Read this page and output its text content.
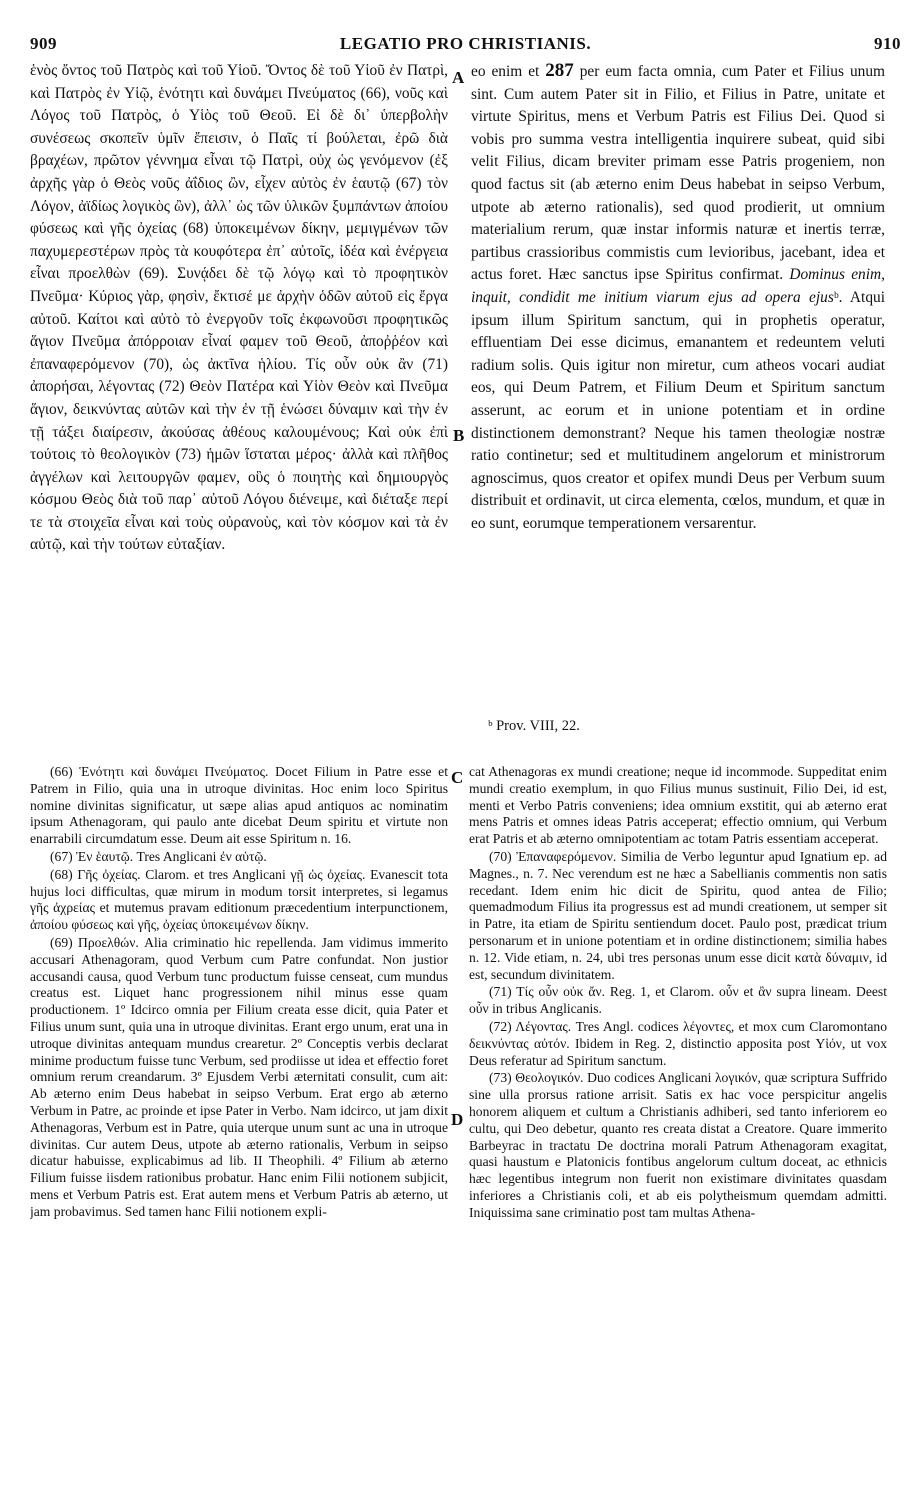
909	LEGATIO PRO CHRISTIANIS.	910

ἑνὸς ὄντος τοῦ Πατρὸς καὶ τοῦ Υἱοῦ. Ὄντος δὲ τοῦ Υἱοῦ ἐν Πατρὶ, καὶ Πατρὸς ἐν Υἱῷ, ἑνότητι καὶ δυνάμει Πνεύματος (66), νοῦς καὶ Λόγος τοῦ Πατρὸς, ὁ Υἱὸς τοῦ Θεοῦ. Εἰ δὲ δι᾽ ὑπερβολὴν συνέσεως σκοπεῖν ὑμῖν ἔπεισιν, ὁ Παῖς τί βούλεται, ἐρῶ διὰ βραχέων, πρῶτον γέννημα εἶναι τῷ Πατρὶ, οὐχ ὡς γενόμενον (ἐξ ἀρχῆς γὰρ ὁ Θεὸς νοῦς ἀΐδιος ὢν, εἶχεν αὐτὸς ἐν ἑαυτῷ (67) τὸν Λόγον, ἀϊδίως λογικὸς ὢν), ἀλλ᾽ ὡς τῶν ὑλικῶν ξυμπάντων ἀποίου φύσεως καὶ γῆς ὀχείας (68) ὑποκειμένων δίκην, μεμιγμένων τῶν παχυμερεστέρων πρὸς τὰ κουφότερα ἐπ᾽ αὐτοῖς, ἰδέα καὶ ἐνέργεια εἶναι προελθὼν (69). Συνᾴδει δὲ τῷ λόγῳ καὶ τὸ προφητικὸν Πνεῦμα· Κύριος γὰρ, φησὶν, ἔκτισέ με ἀρχὴν ὁδῶν αὐτοῦ εἰς ἔργα αὐτοῦ. Καίτοι καὶ αὐτὸ τὸ ἐνεργοῦν τοῖς ἐκφωνοῦσι προφητικῶς ἅγιον Πνεῦμα ἀπόρροιαν εἶναί φαμεν τοῦ Θεοῦ, ἀποῤῥέον καὶ ἐπαναφερόμενον (70), ὡς ἀκτῖνα ἡλίου. Τίς οὖν οὐκ ἂν (71) ἀπορήσαι, λέγοντας (72) Θεὸν Πατέρα καὶ Υἱὸν Θεὸν καὶ Πνεῦμα ἅγιον, δεικνύντας αὐτῶν καὶ τὴν ἐν τῇ ἑνώσει δύναμιν καὶ τὴν ἐν τῇ τάξει διαίρεσιν, ἀκούσας ἀθέους καλουμένους; Καὶ οὐκ ἐπὶ τούτοις τὸ θεολογικὸν (73) ἡμῶν ἵσταται μέρος· ἀλλὰ καὶ πλῆθος ἀγγέλων καὶ λειτουργῶν φαμεν, οὓς ὁ ποιητὴς καὶ δημιουργὸς κόσμου Θεὸς διὰ τοῦ παρ᾽ αὐτοῦ Λόγου διένειμε, καὶ διέταξε περί τε τὰ στοιχεῖα εἶναι καὶ τοὺς οὐρανοὺς, καὶ τὸν κόσμον καὶ τὰ ἐν αὐτῷ, καὶ τὴν τούτων εὐταξίαν.

A
B
C
D

eo enim et 287 per eum facta omnia, cum Pater et Filius unum sint. Cum autem Pater sit in Filio, et Filius in Patre, unitate et virtute Spiritus, mens et Verbum Patris est Filius Dei. Quod si vobis pro summa vestra intelligentia inquirere subeat, quid sibi velit Filius, dicam breviter primam esse Patris progeniem, non quod factus sit (ab æterno enim Deus habebat in seipso Verbum, utpote ab æterno rationalis), sed quod prodierit, ut omnium materialium rerum, quæ instar informis naturæ et inertis terræ, partibus crassioribus commistis cum levioribus, jacebant, idea et actus foret. Hæc sanctus ipse Spiritus confirmat. Dominus enim, inquit, condidit me initium viarum ejus ad opera ejusᵇ. Atqui ipsum illum Spiritum sanctum, qui in prophetis operatur, effluentiam Dei esse dicimus, emanantem et redeuntem veluti radium solis. Quis igitur non miretur, cum atheos vocari audiat eos, qui Deum Patrem, et Filium Deum et Spiritum sanctum asserunt, ac eorum et in unione potentiam et in ordine distinctionem demonstrant? Neque his tamen theologiæ nostræ ratio continetur; sed et multitudinem angelorum et ministrorum agnoscimus, quos creator et opifex mundi Deus per Verbum suum distribuit et ordinavit, ut circa elementa, cœlos, mundum, et quæ in eo sunt, eorumque temperationem versarentur.

ᵇ Prov. VIII, 22.

(66) Ἑνότητι καὶ δυνάμει Πνεύματος. Docet Filium in Patre esse et Patrem in Filio, quia una in utroque divinitas. Hoc enim loco Spiritus nomine divinitas significatur, ut sæpe alias apud antiquos ac nominatim ipsum Athenagoram, qui paulo ante dicebat Deum spiritu et virtute non enarrabili circumdatum esse. Deum ait esse Spiritum n. 16.

(67) Ἐν ἑαυτῷ. Tres Anglicani ἐν αὑτῷ.

(68) Γῆς ὀχείας. Clarom. et tres Anglicani γῇ ὡς ὀχείας. Evanescit tota hujus loci difficultas, quæ mirum in modum torsit interpretes, si legamus γῆς ἀχρείας et mutemus pravam editionum præcedentium interpunctionem, ἀποίου φύσεως καὶ γῆς, ὀχείας ὑποκειμένων δίκην.

(69) Προελθών. Alia criminatio hic repellenda. Jam vidimus immerito accusari Athenagoram, quod Verbum cum Patre confundat. Non justior accusandi causa, quod Verbum tunc productum fuisse censeat, cum mundus creatus est. Liquet hanc progressionem nihil minus esse quam productionem. 1º Idcirco omnia per Filium creata esse dicit, quia Pater et Filius unum sunt, quia una in utroque divinitas. Erant ergo unum, erat una in utroque divinitas antequam mundus crearetur. 2º Conceptis verbis declarat minime productum fuisse tunc Verbum, sed prodiisse ut idea et effectio foret omnium rerum creandarum. 3º Ejusdem Verbi æternitati consulit, cum ait: Ab æterno enim Deus habebat in seipso Verbum. Erat ergo ab æterno Verbum in Patre, ac proinde et ipse Pater in Verbo. Nam idcirco, ut jam dixit Athenagoras, Verbum est in Patre, quia uterque unum sunt ac una in utroque divinitas. Cur autem Deus, utpote ab æterno rationalis, Verbum in seipso dicatur habuisse, explicabimus ad lib. II Theophili. 4º Filium ab æterno Filium fuisse iisdem rationibus probatur. Hanc enim Filii notionem subjicit, mens et Verbum Patris est. Erat autem mens et Verbum Patris ab æterno, ut jam probavimus. Sed tamen hanc Filii notionem expli-

cat Athenagoras ex mundi creatione; neque id incommode. Suppeditat enim mundi creatio exemplum, in quo Filius munus sustinuit, Filio Dei, id est, menti et Verbo Patris conveniens; idea omnium exstitit, qui ab æterno erat mens Patris et omnes ideas Patris acceperat; effectio omnium, qui Verbum erat Patris et ab æterno omnipotentiam ac totam Patris essentiam acceperat.

(70) Ἐπαναφερόμενον. Similia de Verbo leguntur apud Ignatium ep. ad Magnes., n. 7. Nec verendum est ne hæc a Sabellianis commentis non satis recedant. Idem enim hic dicit de Spiritu, quod antea de Filio; quemadmodum Filius ita progressus est ad mundi creationem, ut semper sit in Patre, ita etiam de Spiritu sentiendum docet. Paulo post, prædicat trium personarum et in unione potentiam et in ordine distinctionem; similia habes n. 12. Vide etiam, n. 24, ubi tres personas unum esse dicit κατὰ δύναμιν, id est, secundum divinitatem.

(71) Τίς οὖν οὐκ ἄν. Reg. 1, et Clarom. οὖν et ἂν supra lineam. Deest οὖν in tribus Anglicanis.

(72) Λέγοντας. Tres Angl. codices λέγοντες, et mox cum Claromontano δεικνύντας αὐτόν. Ibidem in Reg. 2, distinctio apposita post Υἱόν, ut vox Deus referatur ad Spiritum sanctum.

(73) Θεολογικόν. Duo codices Anglicani λογικόν, quæ scriptura Suffrido sine ulla prorsus ratione arrisit. Satis ex hac voce perspicitur angelis honorem aliquem et cultum a Christianis adhiberi, sed tanto inferiorem eo cultu, qui Deo debetur, quanto res creata distat a Creatore. Quare immerito Barbeyrac in tractatu De doctrina morali Patrum Athenagoram exagitat, quasi haustum e Platonicis fontibus angelorum cultum doceat, ac ethnicis hæc legentibus integrum non fuerit non existimare divinitates quasdam inferiores a Christianis coli, et ab eis polytheismum quemdam admitti. Iniquissima sane criminatio post tam multas Athena-
